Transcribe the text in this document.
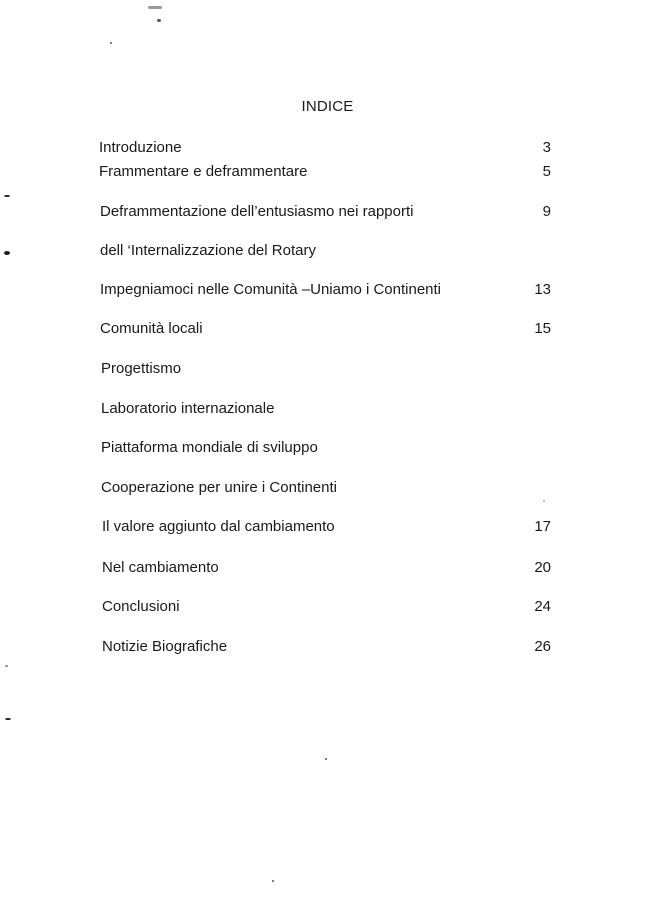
INDICE
Introduzione	3
Frammentare e deframmentare	5
Deframmentazione dell’entusiasmo nei rapporti	9
dell ‘Internalizzazione del Rotary
Impegniamoci nelle Comunità –Uniamo i Continenti	13
Comunità locali	15
Progettismo
Laboratorio internazionale
Piattaforma mondiale di sviluppo
Cooperazione per unire i Continenti
Il valore aggiunto dal cambiamento	17
Nel cambiamento	20
Conclusioni	24
Notizie Biografiche	26
